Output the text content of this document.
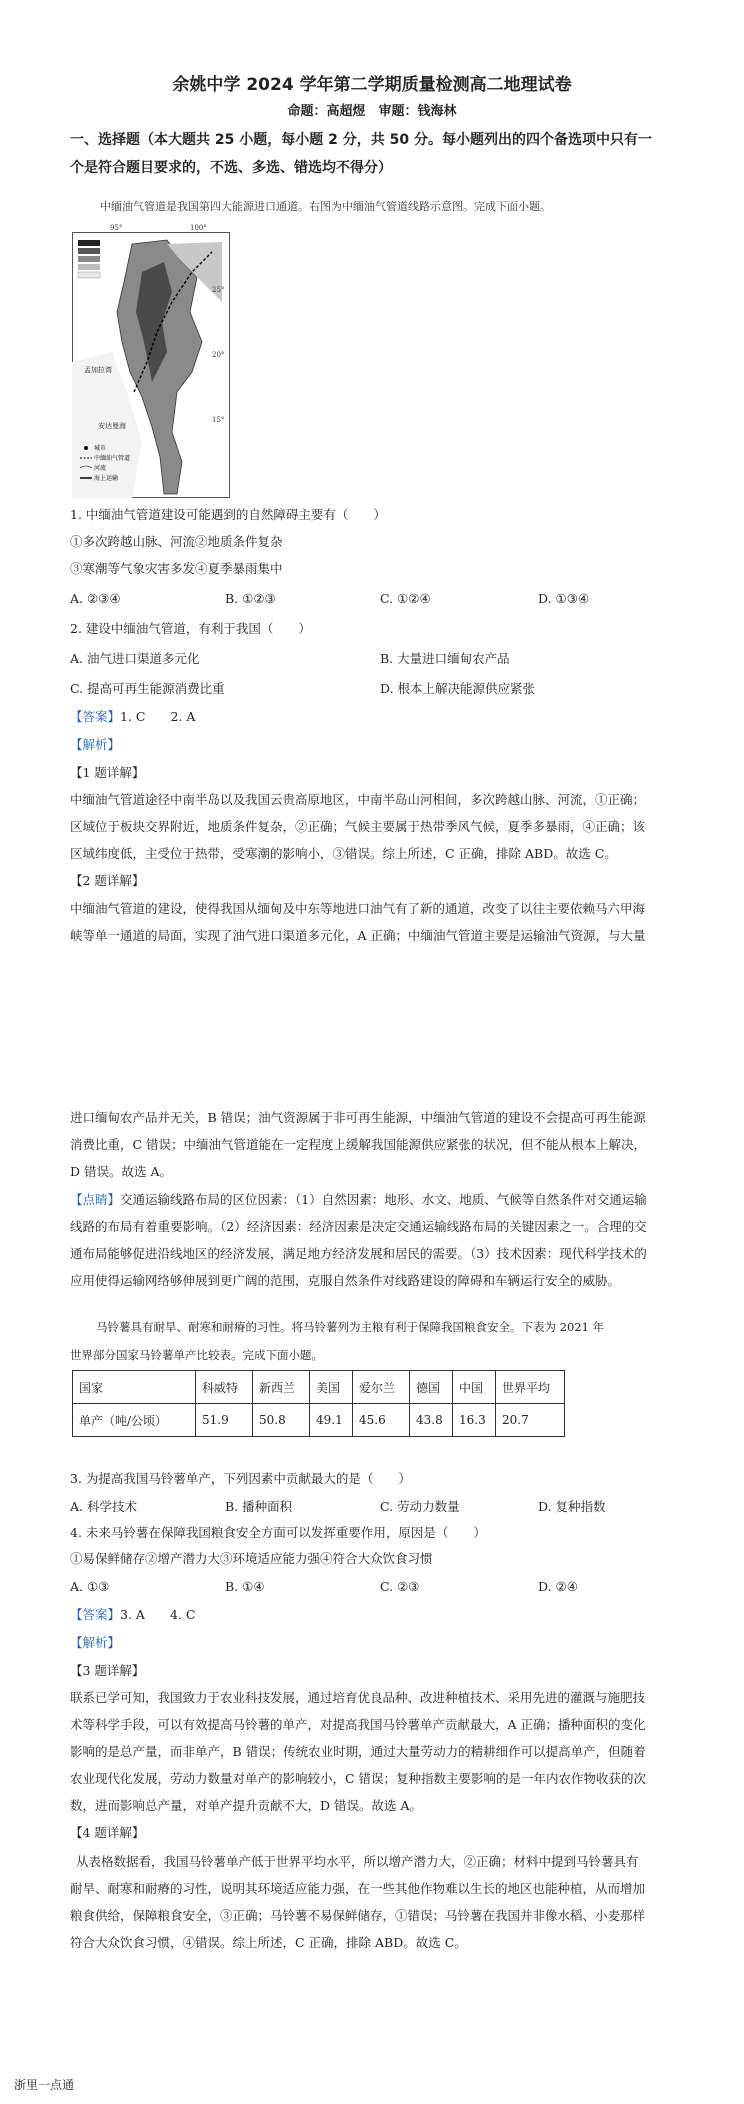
余姚中学 2024 学年第二学期质量检测高二地理试卷
命题：高超煜　审题：钱海林
一、选择题（本大题共 25 小题，每小题 2 分，共 50 分。每小题列出的四个备选项中只有一
个是符合题目要求的，不选、多选、错选均不得分）
中缅油气管道是我国第四大能源进口通道。右图为中缅油气管道线路示意图。完成下面小题。
95°	100°
25°
20°
15°
孟加拉湾
安达曼海
城市
中缅油气管道
河流
海上运输
1. 中缅油气管道建设可能遇到的自然障碍主要有（　　）
①多次跨越山脉、河流②地质条件复杂
③寒潮等气象灾害多发④夏季暴雨集中
A. ②③④	B. ①②③	C. ①②④	D. ①③④
2. 建设中缅油气管道，有利于我国（　　）
A. 油气进口渠道多元化	B. 大量进口缅甸农产品
C. 提高可再生能源消费比重	D. 根本上解决能源供应紧张
【答案】1. C　　2. A
【解析】
【1 题详解】
中缅油气管道途径中南半岛以及我国云贵高原地区，中南半岛山河相间，多次跨越山脉、河流，①正确；
区域位于板块交界附近，地质条件复杂，②正确；气候主要属于热带季风气候，夏季多暴雨，④正确；该
区域纬度低，主受位于热带，受寒潮的影响小，③错误。综上所述，C 正确，排除 ABD。故选 C。
【2 题详解】
中缅油气管道的建设，使得我国从缅甸及中东等地进口油气有了新的通道，改变了以往主要依赖马六甲海
峡等单一通道的局面，实现了油气进口渠道多元化，A 正确；中缅油气管道主要是运输油气资源，与大量
进口缅甸农产品并无关，B 错误；油气资源属于非可再生能源，中缅油气管道的建设不会提高可再生能源
消费比重，C 错误；中缅油气管道能在一定程度上缓解我国能源供应紧张的状况，但不能从根本上解决，
D 错误。故选 A。
【点睛】交通运输线路布局的区位因素：（1）自然因素：地形、水文、地质、气候等自然条件对交通运输
线路的布局有着重要影响。（2）经济因素：经济因素是决定交通运输线路布局的关键因素之一。合理的交
通布局能够促进沿线地区的经济发展，满足地方经济发展和居民的需要。（3）技术因素：现代科学技术的
应用使得运输网络够伸展到更广阔的范围，克服自然条件对线路建设的障碍和车辆运行安全的威胁。
马铃薯具有耐旱、耐寒和耐瘠的习性。将马铃薯列为主粮有利于保障我国粮食安全。下表为 2021 年
世界部分国家马铃薯单产比较表。完成下面小题。
国家	科威特	新西兰	美国	爱尔兰	德国	中国	世界平均
单产（吨/公顷）	51.9	50.8	49.1	45.6	43.8	16.3	20.7
3. 为提高我国马铃薯单产，下列因素中贡献最大的是（　　）
A. 科学技术	B. 播种面积	C. 劳动力数量	D. 复种指数
4. 未来马铃薯在保障我国粮食安全方面可以发挥重要作用，原因是（　　）
①易保鲜储存②增产潜力大③环境适应能力强④符合大众饮食习惯
A. ①③	B. ①④	C. ②③	D. ②④
【答案】3. A　　4. C
【解析】
【3 题详解】
联系已学可知，我国致力于农业科技发展，通过培育优良品种、改进种植技术、采用先进的灌溉与施肥技
术等科学手段，可以有效提高马铃薯的单产，对提高我国马铃薯单产贡献最大，A 正确；播种面积的变化
影响的是总产量，而非单产，B 错误；传统农业时期，通过大量劳动力的精耕细作可以提高单产，但随着
农业现代化发展，劳动力数量对单产的影响较小，C 错误；复种指数主要影响的是一年内农作物收获的次
数，进而影响总产量，对单产提升贡献不大，D 错误。故选 A。
【4 题详解】
从表格数据看，我国马铃薯单产低于世界平均水平，所以增产潜力大，②正确；材料中提到马铃薯具有
耐旱、耐寒和耐瘠的习性，说明其环境适应能力强，在一些其他作物难以生长的地区也能种植，从而增加
粮食供给，保障粮食安全，③正确；马铃薯不易保鲜储存，①错误；马铃薯在我国并非像水稻、小麦那样
符合大众饮食习惯，④错误。综上所述，C 正确，排除 ABD。故选 C。
浙里一点通
